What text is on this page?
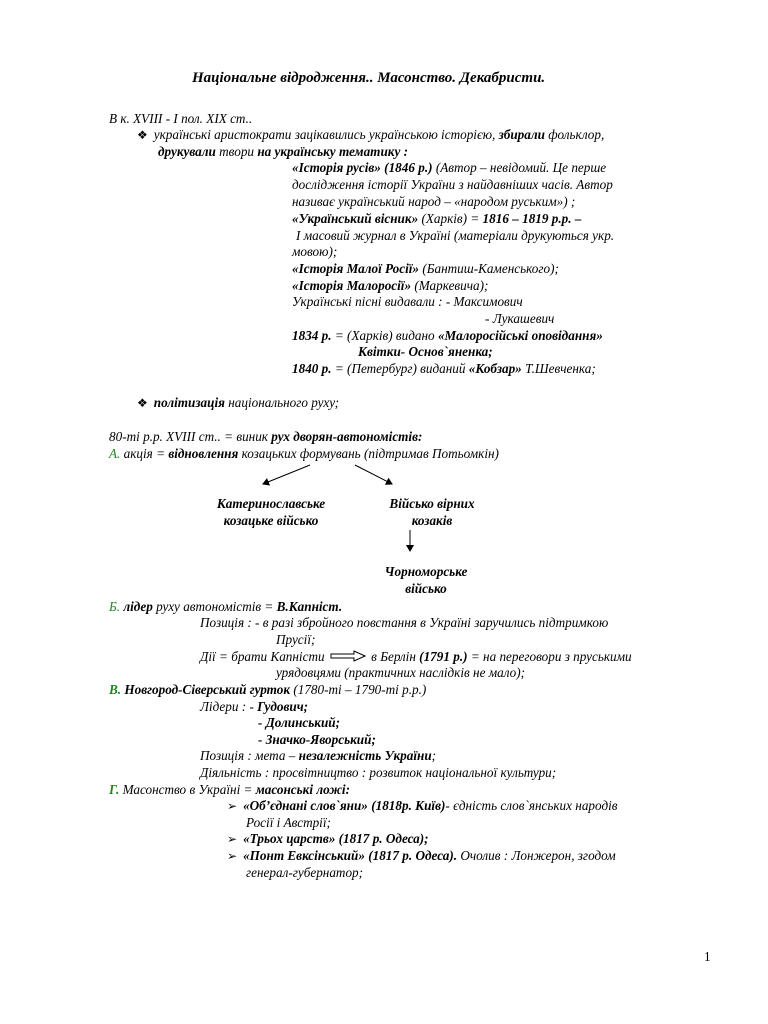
Національне відродження.. Масонство. Декабристи.
В к. XVIII - I пол. XIX ст..
❖ українські аристократи зацікавились українською історією, збирали фольклор,
друкували твори на українську тематику :
«Історія русів» (1846 р.) (Автор – невідомий. Це перше
дослідження історії України з найдавніших часів. Автор
називає український народ – «народом руським») ;
«Український вісник» (Харків) = 1816 – 1819 р.р. –
I масовий журнал в Україні (матеріали друкуються укр.
мовою);
«Історія Малої Росії» (Бантиш-Каменського);
«Історія Малоросії» (Маркевича);
Українські пісні видавали : - Максимович
- Лукашевич
1834 р. = (Харків) видано «Малоросійські оповідання»
Квітки- Основ`яненка;
1840 р. = (Петербург) виданий «Кобзар» Т.Шевченка;
❖ політизація національного руху;
80-ті р.р. XVIII ст.. = виник рух дворян-автономістів:
А. акція = відновлення козацьких формувань (підтримав Потьомкін)
Катеринославське
козацьке військо
Військо вірних
козаків
Чорноморське
військо
Б. лідер руху автономістів = В.Капніст.
Позиція : - в разі збройного повстання в Україні заручились підтримкою
Прусії;
Дії = брати Капністи	в Берлін (1791 р.) = на переговори з пруськими
урядовцями (практичних наслідків не мало);
В. Новгород-Сіверський гурток (1780-ті – 1790-ті р.р.)
Лідери : - Гудович;
- Долинський;
- Значко-Яворський;
Позиція : мета – незалежність України;
Діяльність : просвітництво : розвиток національної культури;
Г. Масонство в Україні = масонські ложі:
➢ «Об’єднані слов`яни» (1818р. Київ)- єдність слов`янських народів
Росії і Австрії;
➢ «Трьох царств» (1817 р. Одеса);
➢ «Понт Евксінський» (1817 р. Одеса). Очолив : Лонжерон, згодом
генерал-губернатор;
1
